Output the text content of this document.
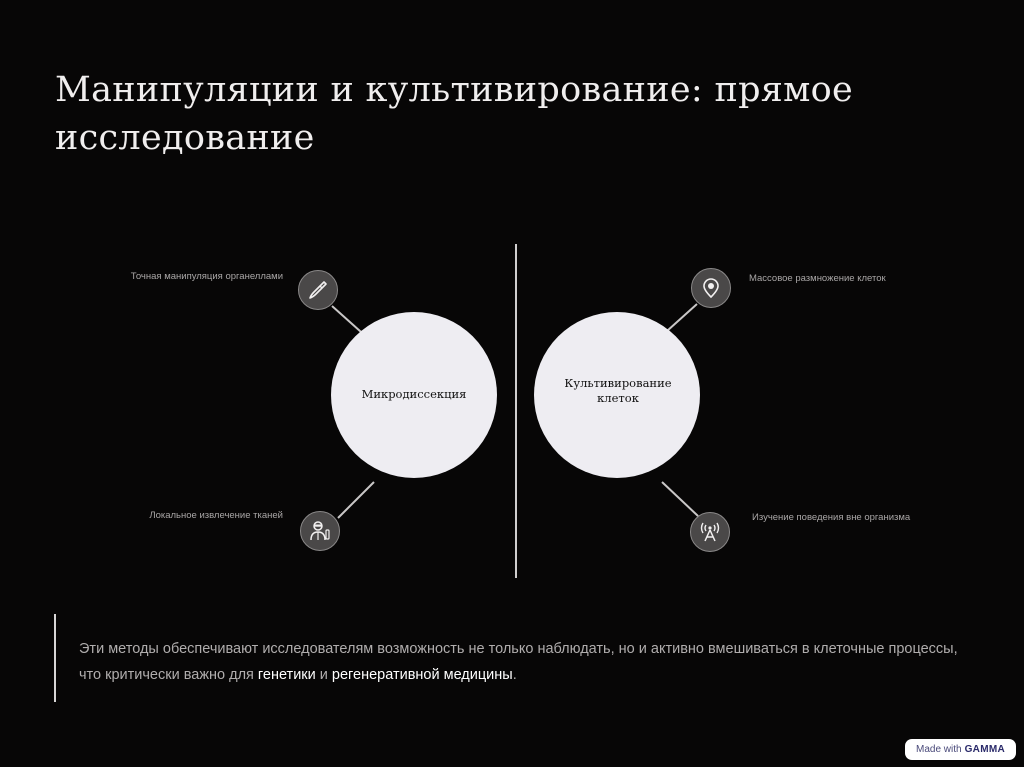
Манипуляции и культивирование: прямое исследование
Микродиссекция
Культивирование клеток
Точная манипуляция органеллами
Локальное извлечение тканей
Массовое размножение клеток
Изучение поведения вне организма

Эти методы обеспечивают исследователям возможность не только наблюдать, но и активно вмешиваться в клеточные процессы, что критически важно для генетики и регенеративной медицины.

Made with GAMMA
